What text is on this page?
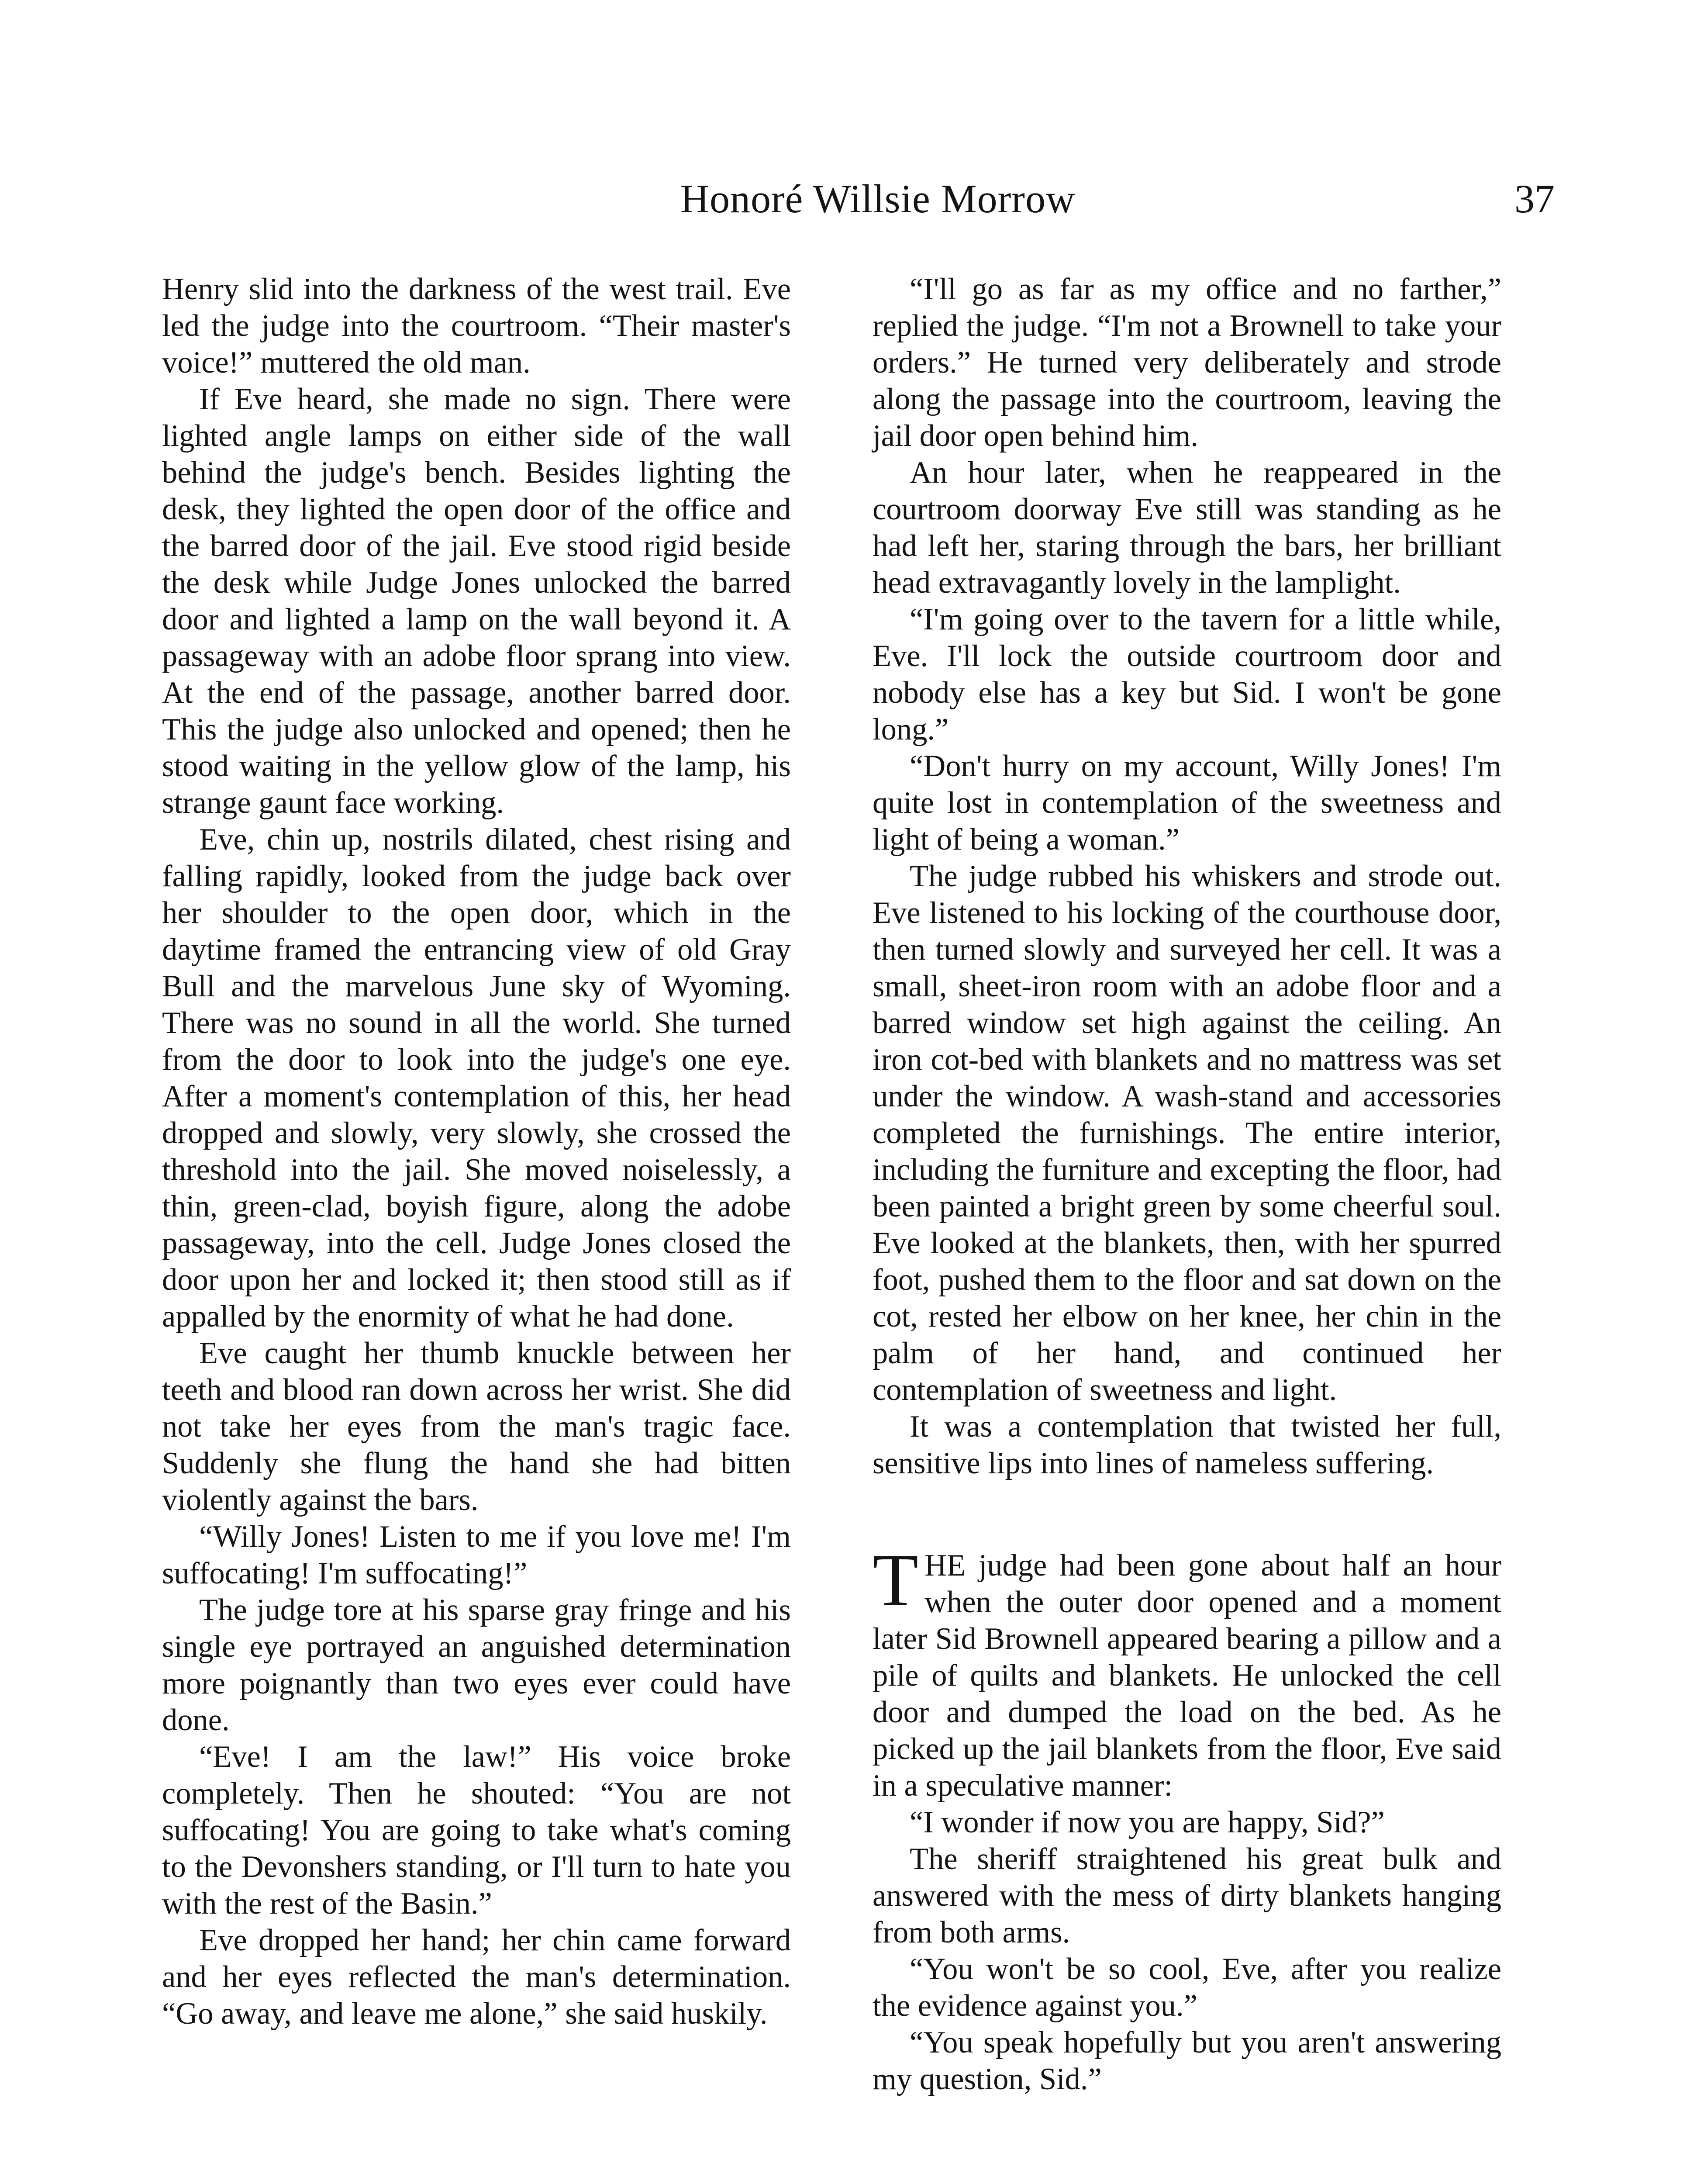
Honoré Willsie Morrow	37

Henry slid into the darkness of the west trail. Eve led the judge into the courtroom. “Their master's voice!” muttered the old man.

If Eve heard, she made no sign. There were lighted angle lamps on either side of the wall behind the judge's bench. Besides lighting the desk, they lighted the open door of the office and the barred door of the jail. Eve stood rigid beside the desk while Judge Jones unlocked the barred door and lighted a lamp on the wall beyond it. A passageway with an adobe floor sprang into view. At the end of the passage, another barred door. This the judge also unlocked and opened; then he stood waiting in the yellow glow of the lamp, his strange gaunt face working.

Eve, chin up, nostrils dilated, chest rising and falling rapidly, looked from the judge back over her shoulder to the open door, which in the daytime framed the entrancing view of old Gray Bull and the marvelous June sky of Wyoming. There was no sound in all the world. She turned from the door to look into the judge's one eye. After a moment's contemplation of this, her head dropped and slowly, very slowly, she crossed the threshold into the jail. She moved noiselessly, a thin, green-clad, boyish figure, along the adobe passageway, into the cell. Judge Jones closed the door upon her and locked it; then stood still as if appalled by the enormity of what he had done.

Eve caught her thumb knuckle between her teeth and blood ran down across her wrist. She did not take her eyes from the man's tragic face. Suddenly she flung the hand she had bitten violently against the bars.

“Willy Jones! Listen to me if you love me! I'm suffocating! I'm suffocating!”

The judge tore at his sparse gray fringe and his single eye portrayed an anguished determination more poignantly than two eyes ever could have done.

“Eve! I am the law!” His voice broke completely. Then he shouted: “You are not suffocating! You are going to take what's coming to the Devonshers standing, or I'll turn to hate you with the rest of the Basin.”

Eve dropped her hand; her chin came forward and her eyes reflected the man's determination. “Go away, and leave me alone,” she said huskily.

“I'll go as far as my office and no farther,” replied the judge. “I'm not a Brownell to take your orders.” He turned very deliberately and strode along the passage into the courtroom, leaving the jail door open behind him.

An hour later, when he reappeared in the courtroom doorway Eve still was standing as he had left her, staring through the bars, her brilliant head extravagantly lovely in the lamplight.

“I'm going over to the tavern for a little while, Eve. I'll lock the outside courtroom door and nobody else has a key but Sid. I won't be gone long.”

“Don't hurry on my account, Willy Jones! I'm quite lost in contemplation of the sweetness and light of being a woman.”

The judge rubbed his whiskers and strode out. Eve listened to his locking of the courthouse door, then turned slowly and surveyed her cell. It was a small, sheet-iron room with an adobe floor and a barred window set high against the ceiling. An iron cot-bed with blankets and no mattress was set under the window. A wash-stand and accessories completed the furnishings. The entire interior, including the furniture and excepting the floor, had been painted a bright green by some cheerful soul. Eve looked at the blankets, then, with her spurred foot, pushed them to the floor and sat down on the cot, rested her elbow on her knee, her chin in the palm of her hand, and continued her contemplation of sweetness and light.

It was a contemplation that twisted her full, sensitive lips into lines of nameless suffering.

THE judge had been gone about half an hour when the outer door opened and a moment later Sid Brownell appeared bearing a pillow and a pile of quilts and blankets. He unlocked the cell door and dumped the load on the bed. As he picked up the jail blankets from the floor, Eve said in a speculative manner:

“I wonder if now you are happy, Sid?”

The sheriff straightened his great bulk and answered with the mess of dirty blankets hanging from both arms.

“You won't be so cool, Eve, after you realize the evidence against you.”

“You speak hopefully but you aren't answering my question, Sid.”
